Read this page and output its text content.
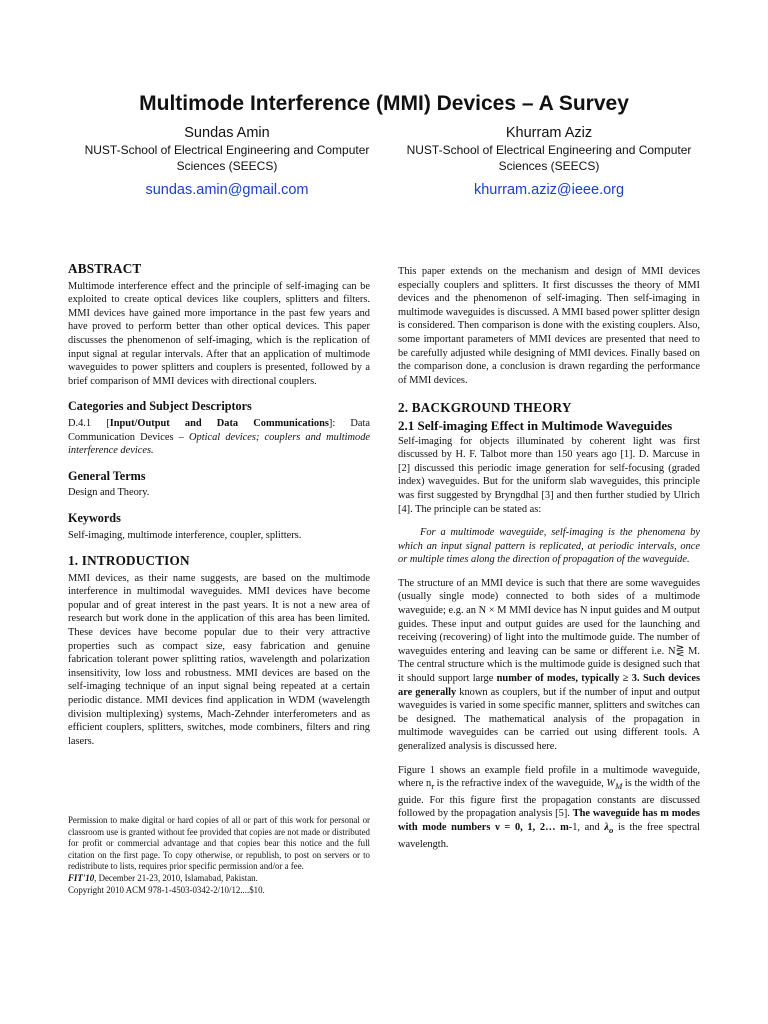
Multimode Interference (MMI) Devices – A Survey
Sundas Amin
NUST-School of Electrical Engineering and Computer Sciences (SEECS)
sundas.amin@gmail.com
Khurram Aziz
NUST-School of Electrical Engineering and Computer Sciences (SEECS)
khurram.aziz@ieee.org
ABSTRACT

Multimode interference effect and the principle of self-imaging can be exploited to create optical devices like couplers, splitters and filters. MMI devices have gained more importance in the past few years and have proved to perform better than other optical devices. This paper discusses the phenomenon of self-imaging, which is the replication of input signal at regular intervals. After that an application of multimode waveguides to power splitters and couplers is presented, followed by a brief comparison of MMI devices with directional couplers.

Categories and Subject Descriptors

D.4.1 [Input/Output and Data Communications]: Data Communication Devices – Optical devices; couplers and multimode interference devices.

General Terms

Design and Theory.

Keywords

Self-imaging, multimode interference, coupler, splitters.

1. INTRODUCTION

MMI devices, as their name suggests, are based on the multimode interference in multimodal waveguides. MMI devices have become popular and of great interest in the past years. It is not a new area of research but work done in the application of this area has been limited. These devices have become popular due to their very attractive properties such as compact size, easy fabrication and genuine fabrication tolerant power splitting ratios, wavelength and polarization insensitivity, low loss and robustness. MMI devices are based on the self-imaging technique of an input signal being repeated at a certain periodic distance. MMI devices find application in WDM (wavelength division multiplexing) systems, Mach-Zehnder interferometers and as efficient couplers, splitters, switches, mode combiners, filters and ring lasers.

Permission to make digital or hard copies of all or part of this work for personal or classroom use is granted without fee provided that copies are not made or distributed for profit or commercial advantage and that copies bear this notice and the full citation on the first page. To copy otherwise, or republish, to post on servers or to redistribute to lists, requires prior specific permission and/or a fee.

FIT'10, December 21-23, 2010, Islamabad, Pakistan.

Copyright 2010 ACM 978-1-4503-0342-2/10/12....$10.

This paper extends on the mechanism and design of MMI devices especially couplers and splitters. It first discusses the theory of MMI devices and the phenomenon of self-imaging. Then self-imaging in multimode waveguides is discussed. A MMI based power splitter design is considered. Then comparison is done with the existing couplers. Also, some important parameters of MMI devices are presented that need to be carefully adjusted while designing of MMI devices. Finally based on the comparison done, a conclusion is drawn regarding the performance of MMI devices.

2. BACKGROUND THEORY
2.1 Self-imaging Effect in Multimode Waveguides

Self-imaging for objects illuminated by coherent light was first discussed by H. F. Talbot more than 150 years ago [1]. D. Marcuse in [2] discussed this periodic image generation for self-focusing (graded index) waveguides. But for the uniform slab waveguides, this principle was first suggested by Bryngdhal [3] and then further studied by Ulrich [4]. The principle can be stated as:

For a multimode waveguide, self-imaging is the phenomena by which an input signal pattern is replicated, at periodic intervals, once or multiple times along the direction of propagation of the waveguide.

The structure of an MMI device is such that there are some waveguides (usually single mode) connected to both sides of a multimode waveguide; e.g. an N × M MMI device has N input guides and M output guides. These input and output guides are used for the launching and receiving (recovering) of light into the multimode guide. The number of waveguides entering and leaving can be same or different i.e. N⋛ M. The central structure which is the multimode guide is designed such that it should support large number of modes, typically ≥ 3. Such devices are generally known as couplers, but if the number of input and output waveguides is varied in some specific manner, splitters and switches can be designed. The mathematical analysis of the propagation in multimode waveguides can be carried out using different tools. A generalized analysis is discussed here.

Figure 1 shows an example field profile in a multimode waveguide, where $n_r$ is the refractive index of the waveguide, $W_M$ is the width of the guide. For this figure first the propagation constants are discussed followed by the propagation analysis [5]. The waveguide has m modes with mode numbers ν = 0, 1, 2… m-1, and $\lambda_o$ is the free spectral wavelength.
